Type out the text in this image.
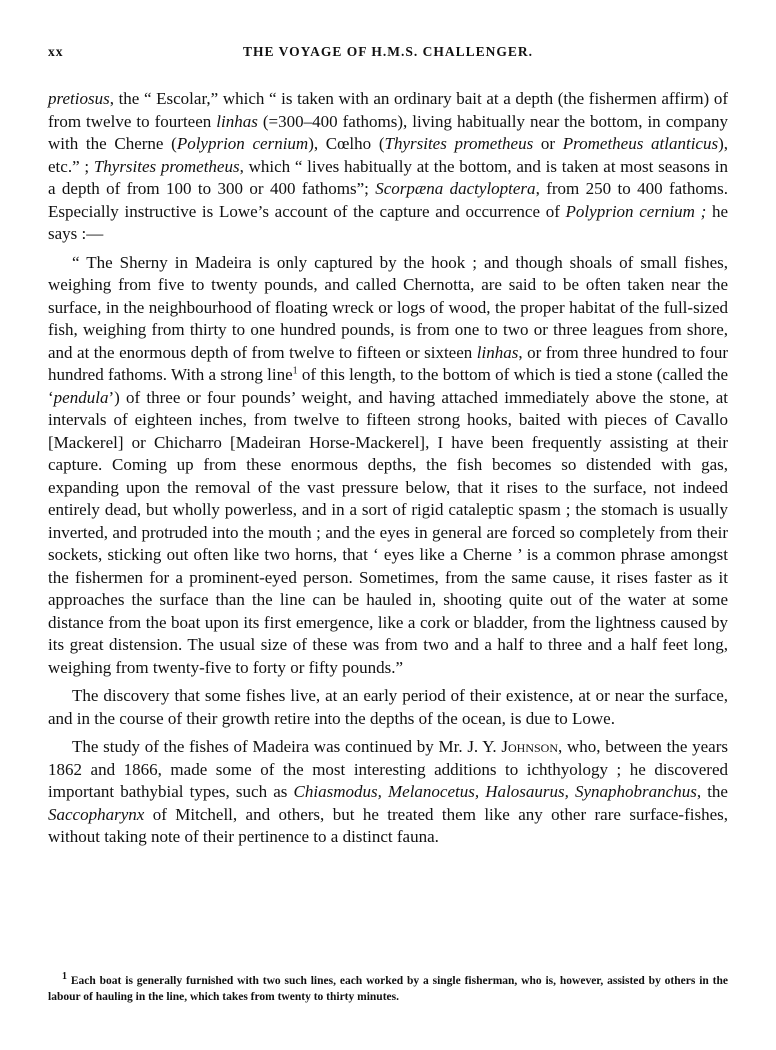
xx	THE VOYAGE OF H.M.S. CHALLENGER.

pretiosus, the “ Escolar,” which “ is taken with an ordinary bait at a depth (the fishermen affirm) of from twelve to fourteen linhas (=300–400 fathoms), living habitually near the bottom, in company with the Cherne (Polyprion cernium), Cœlho (Thyrsites prometheus or Prometheus atlanticus), etc.” ; Thyrsites prometheus, which “ lives habitually at the bottom, and is taken at most seasons in a depth of from 100 to 300 or 400 fathoms”; Scorpæna dactyloptera, from 250 to 400 fathoms. Especially instructive is Lowe’s account of the capture and occurrence of Polyprion cernium ; he says :—

“ The Sherny in Madeira is only captured by the hook ; and though shoals of small fishes, weighing from five to twenty pounds, and called Chernotta, are said to be often taken near the surface, in the neighbourhood of floating wreck or logs of wood, the proper habitat of the full-sized fish, weighing from thirty to one hundred pounds, is from one to two or three leagues from shore, and at the enormous depth of from twelve to fifteen or sixteen linhas, or from three hundred to four hundred fathoms. With a strong line$^1$ of this length, to the bottom of which is tied a stone (called the ‘pendula’) of three or four pounds’ weight, and having attached immediately above the stone, at intervals of eighteen inches, from twelve to fifteen strong hooks, baited with pieces of Cavallo [Mackerel] or Chicharro [Madeiran Horse-Mackerel], I have been frequently assisting at their capture. Coming up from these enormous depths, the fish becomes so distended with gas, expanding upon the removal of the vast pressure below, that it rises to the surface, not indeed entirely dead, but wholly powerless, and in a sort of rigid cataleptic spasm ; the stomach is usually inverted, and protruded into the mouth ; and the eyes in general are forced so completely from their sockets, sticking out often like two horns, that ‘ eyes like a Cherne ’ is a common phrase amongst the fishermen for a prominent-eyed person. Sometimes, from the same cause, it rises faster as it approaches the surface than the line can be hauled in, shooting quite out of the water at some distance from the boat upon its first emergence, like a cork or bladder, from the lightness caused by its great distension. The usual size of these was from two and a half to three and a half feet long, weighing from twenty-five to forty or fifty pounds.”

The discovery that some fishes live, at an early period of their existence, at or near the surface, and in the course of their growth retire into the depths of the ocean, is due to Lowe.

The study of the fishes of Madeira was continued by Mr. J. Y. Johnson, who, between the years 1862 and 1866, made some of the most interesting additions to ichthyology ; he discovered important bathybial types, such as Chiasmodus, Melanocetus, Halosaurus, Synaphobranchus, the Saccopharynx of Mitchell, and others, but he treated them like any other rare surface-fishes, without taking note of their pertinence to a distinct fauna.

$^1$ Each boat is generally furnished with two such lines, each worked by a single fisherman, who is, however, assisted by others in the labour of hauling in the line, which takes from twenty to thirty minutes.
